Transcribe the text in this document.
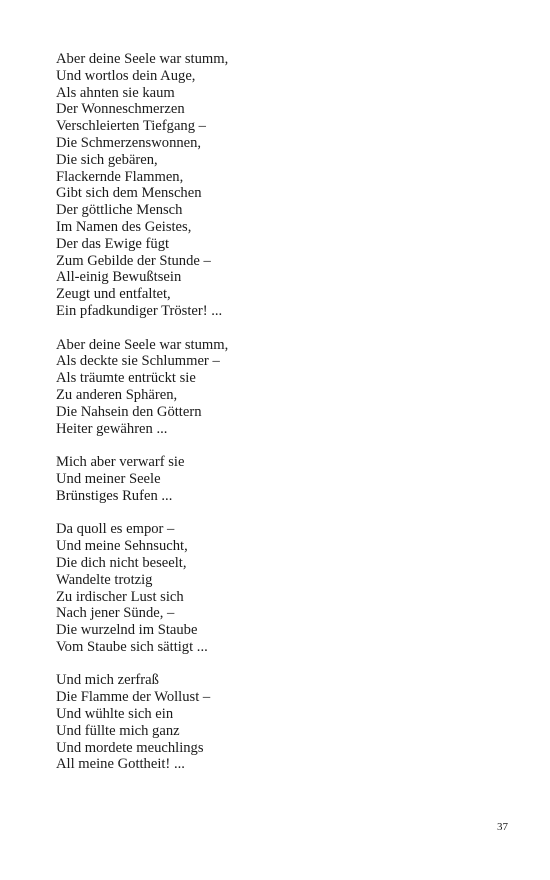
Aber deine Seele war stumm,
Und wortlos dein Auge,
Als ahnten sie kaum
Der Wonneschmerzen
Verschleierten Tiefgang –
Die Schmerzenswonnen,
Die sich gebären,
Flackernde Flammen,
Gibt sich dem Menschen
Der göttliche Mensch
Im Namen des Geistes,
Der das Ewige fügt
Zum Gebilde der Stunde –
All-einig Bewußtsein
Zeugt und entfaltet,
Ein pfadkundiger Tröster! ...
Aber deine Seele war stumm,
Als deckte sie Schlummer –
Als träumte entrückt sie
Zu anderen Sphären,
Die Nahsein den Göttern
Heiter gewähren ...
Mich aber verwarf sie
Und meiner Seele
Brünstiges Rufen ...
Da quoll es empor –
Und meine Sehnsucht,
Die dich nicht beseelt,
Wandelte trotzig
Zu irdischer Lust sich
Nach jener Sünde, –
Die wurzelnd im Staube
Vom Staube sich sättigt ...
Und mich zerfraß
Die Flamme der Wollust –
Und wühlte sich ein
Und füllte mich ganz
Und mordete meuchlings
All meine Gottheit! ...
37
